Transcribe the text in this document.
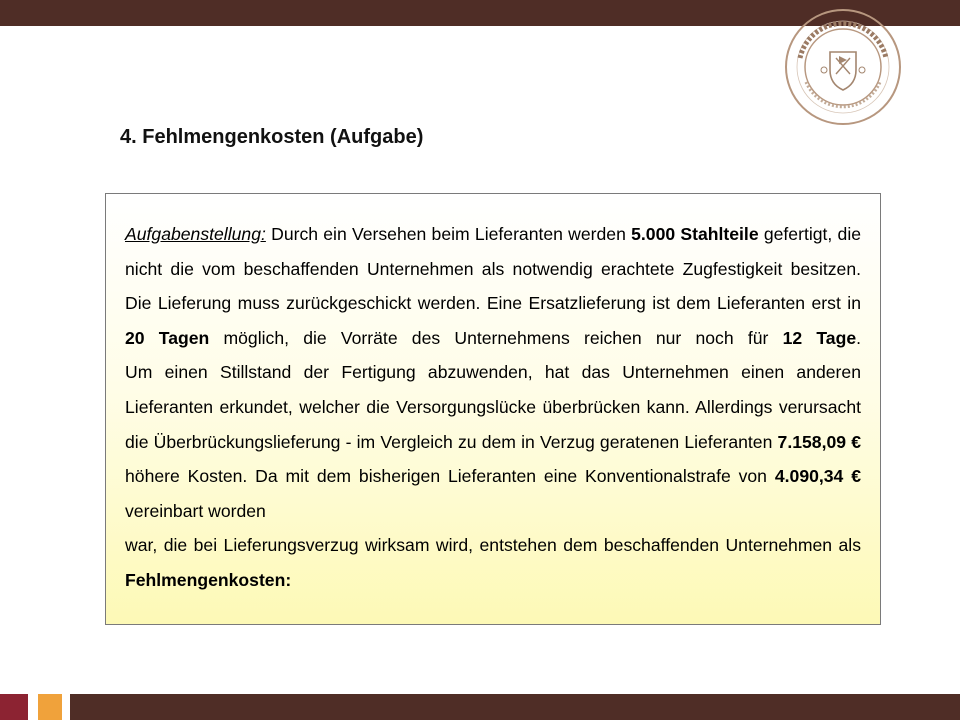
4. Fehlmengenkosten (Aufgabe)

Aufgabenstellung: Durch ein Versehen beim Lieferanten werden 5.000 Stahlteile gefertigt, die nicht die vom beschaffenden Unternehmen als notwendig erachtete Zugfestigkeit besitzen. Die Lieferung muss zurückgeschickt werden. Eine Ersatzlieferung ist dem Lieferanten erst in 20 Tagen möglich, die Vorräte des Unternehmens reichen nur noch für 12 Tage.

Um einen Stillstand der Fertigung abzuwenden, hat das Unternehmen einen anderen Lieferanten erkundet, welcher die Versorgungslücke überbrücken kann. Allerdings verursacht die Überbrückungslieferung - im Vergleich zu dem in Verzug geratenen Lieferanten 7.158,09 € höhere Kosten. Da mit dem bisherigen Lieferanten eine Konventionalstrafe von 4.090,34 € vereinbart worden

war, die bei Lieferungsverzug wirksam wird, entstehen dem beschaffenden Unternehmen als Fehlmengenkosten:
